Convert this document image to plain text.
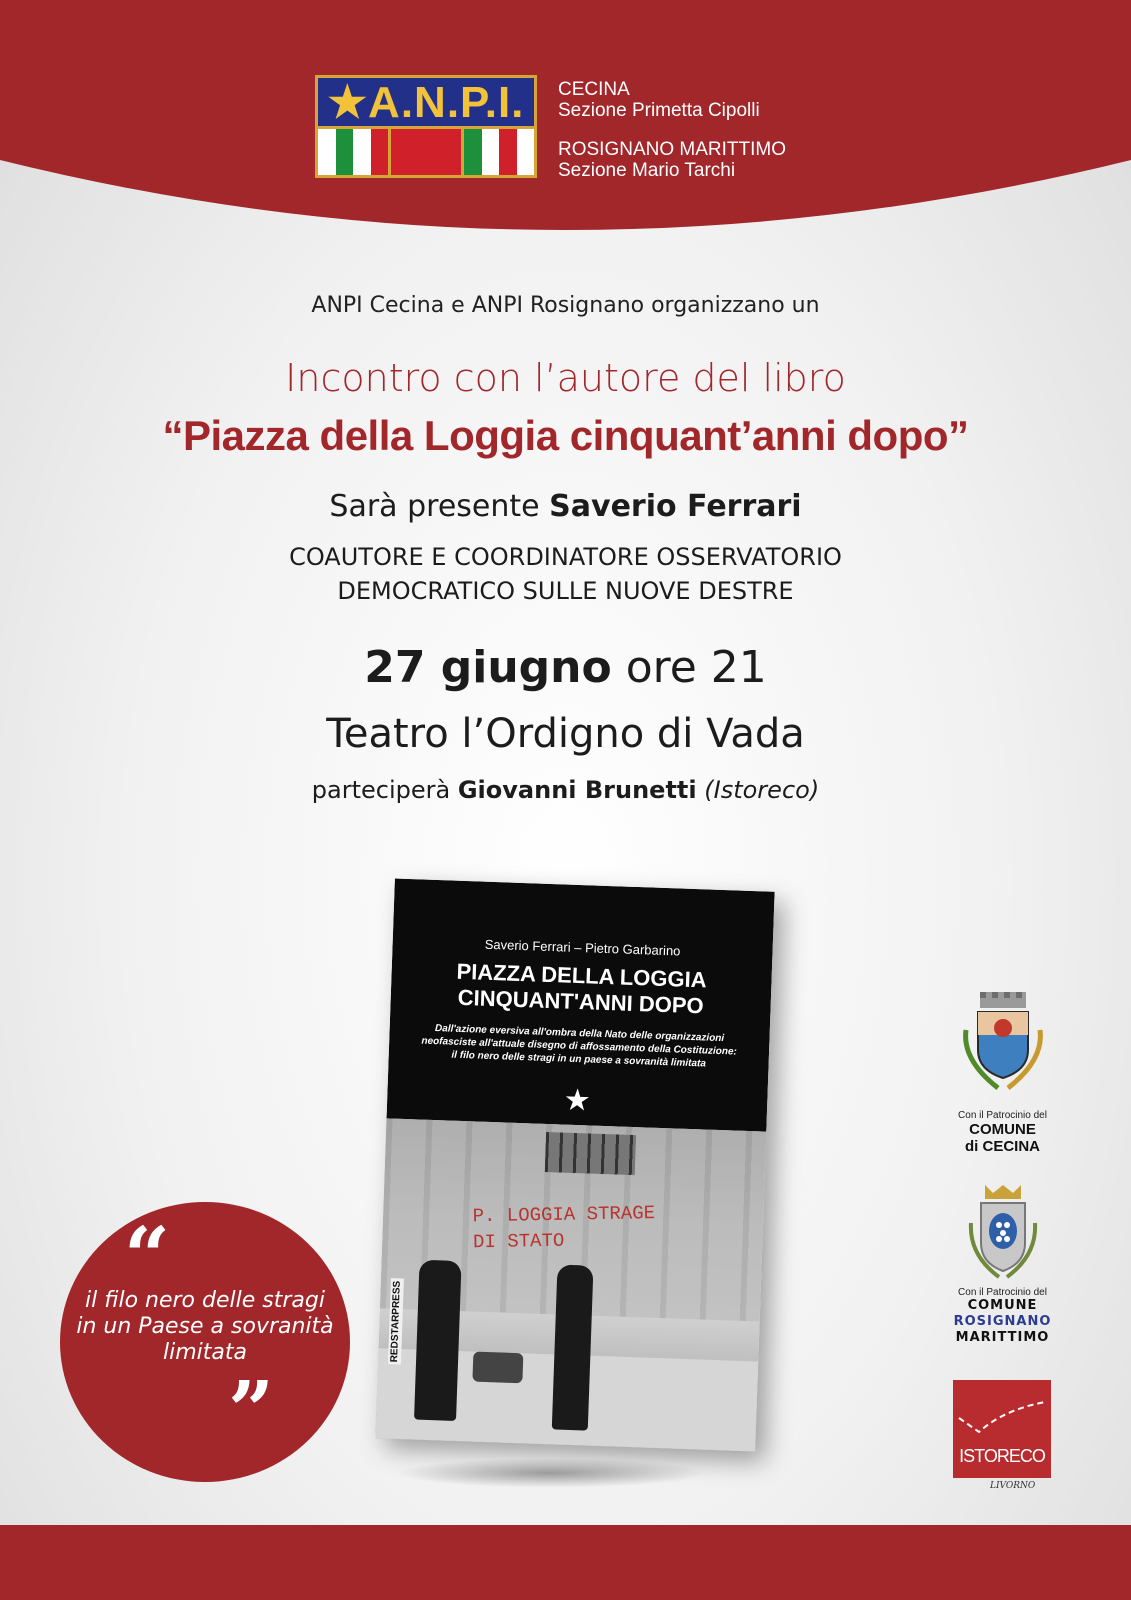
★A.N.P.I.	CECINA
Sezione Primetta Cipolli
ROSIGNANO MARITTIMO
Sezione Mario Tarchi
ANPI Cecina e ANPI Rosignano organizzano un
Incontro con l’autore del libro
“Piazza della Loggia cinquant’anni dopo”
Sarà presente Saverio Ferrari
COAUTORE E COORDINATORE OSSERVATORIO
DEMOCRATICO SULLE NUOVE DESTRE
27 giugno ore 21
Teatro l’Ordigno di Vada
parteciperà Giovanni Brunetti (Istoreco)
Saverio Ferrari – Pietro Garbarino
PIAZZA DELLA LOGGIA
CINQUANT'ANNI DOPO
Dall'azione eversiva all'ombra della Nato delle organizzazioni neofasciste all'attuale disegno di affossamento della Costituzione: il filo nero delle stragi in un paese a sovranità limitata
★
P. LOGGIA STRAGE
DI STATO
REDSTARPRESS
“
il filo nero delle stragi in un Paese a sovranità limitata
”
Con il Patrocinio del
COMUNE
di CECINA
Con il Patrocinio del
COMUNE
ROSIGNANO
MARITTIMO
ISTORECO
LIVORNO
